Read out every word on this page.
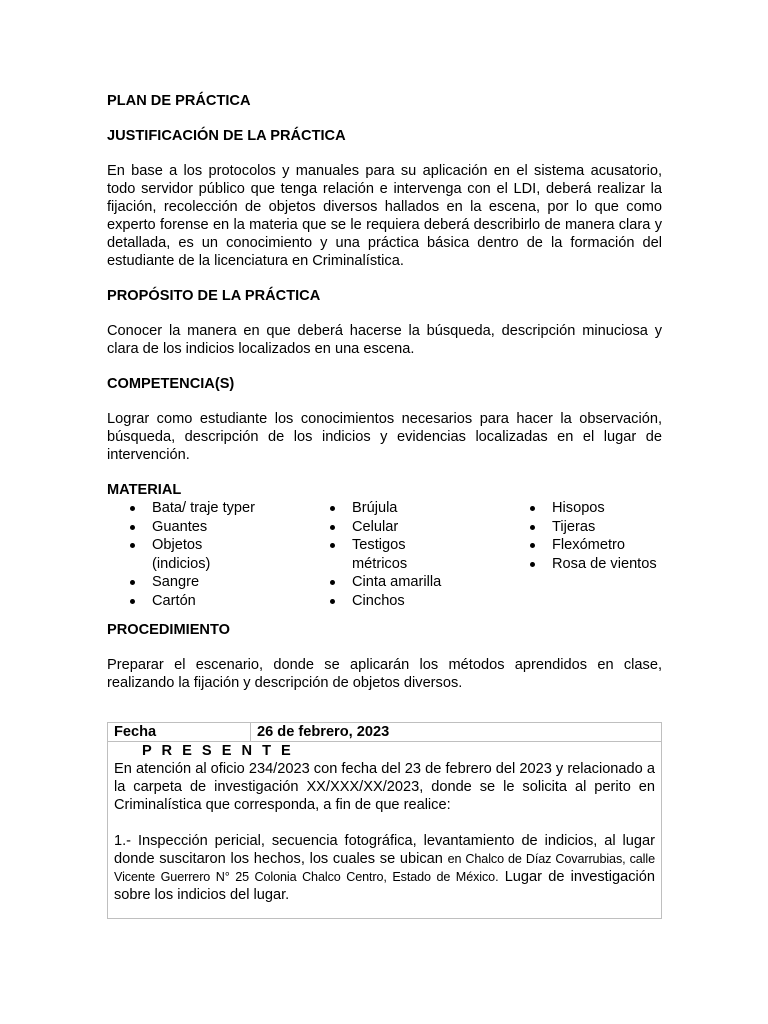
PLAN DE PRÁCTICA

JUSTIFICACIÓN DE LA PRÁCTICA

En base a los protocolos y manuales para su aplicación en el sistema acusatorio, todo servidor público que tenga relación e intervenga con el LDI, deberá realizar la fijación, recolección de objetos diversos hallados en la escena, por lo que como experto forense en la materia que se le requiera deberá describirlo de manera clara y detallada, es un conocimiento y una práctica básica dentro de la formación del estudiante de la licenciatura en Criminalística.

PROPÓSITO DE LA PRÁCTICA

Conocer la manera en que deberá hacerse la búsqueda, descripción minuciosa y clara de los indicios localizados en una escena.

COMPETENCIA(S)

Lograr como estudiante los conocimientos necesarios para hacer la observación, búsqueda, descripción de los indicios y evidencias localizadas en el lugar de intervención.

MATERIAL

Bata/ traje typer
Guantes
Objetos (indicios)
Sangre
Cartón
Brújula
Celular
Testigos métricos
Cinta amarilla
Cinchos
Hisopos
Tijeras
Flexómetro
Rosa de vientos

PROCEDIMIENTO

Preparar el escenario, donde se aplicarán los métodos aprendidos en clase, realizando la fijación y descripción de objetos diversos.

Fecha	26 de febrero, 2023

P R E S E N T E
En atención al oficio 234/2023 con fecha del 23 de febrero del 2023 y relacionado a la carpeta de investigación XX/XXX/XX/2023, donde se le solicita al perito en Criminalística que corresponda, a fin de que realice:
1.- Inspección pericial, secuencia fotográfica, levantamiento de indicios, al lugar donde suscitaron los hechos, los cuales se ubican en Chalco de Díaz Covarrubias, calle Vicente Guerrero N° 25 Colonia Chalco Centro, Estado de México. Lugar de investigación sobre los indicios del lugar.
